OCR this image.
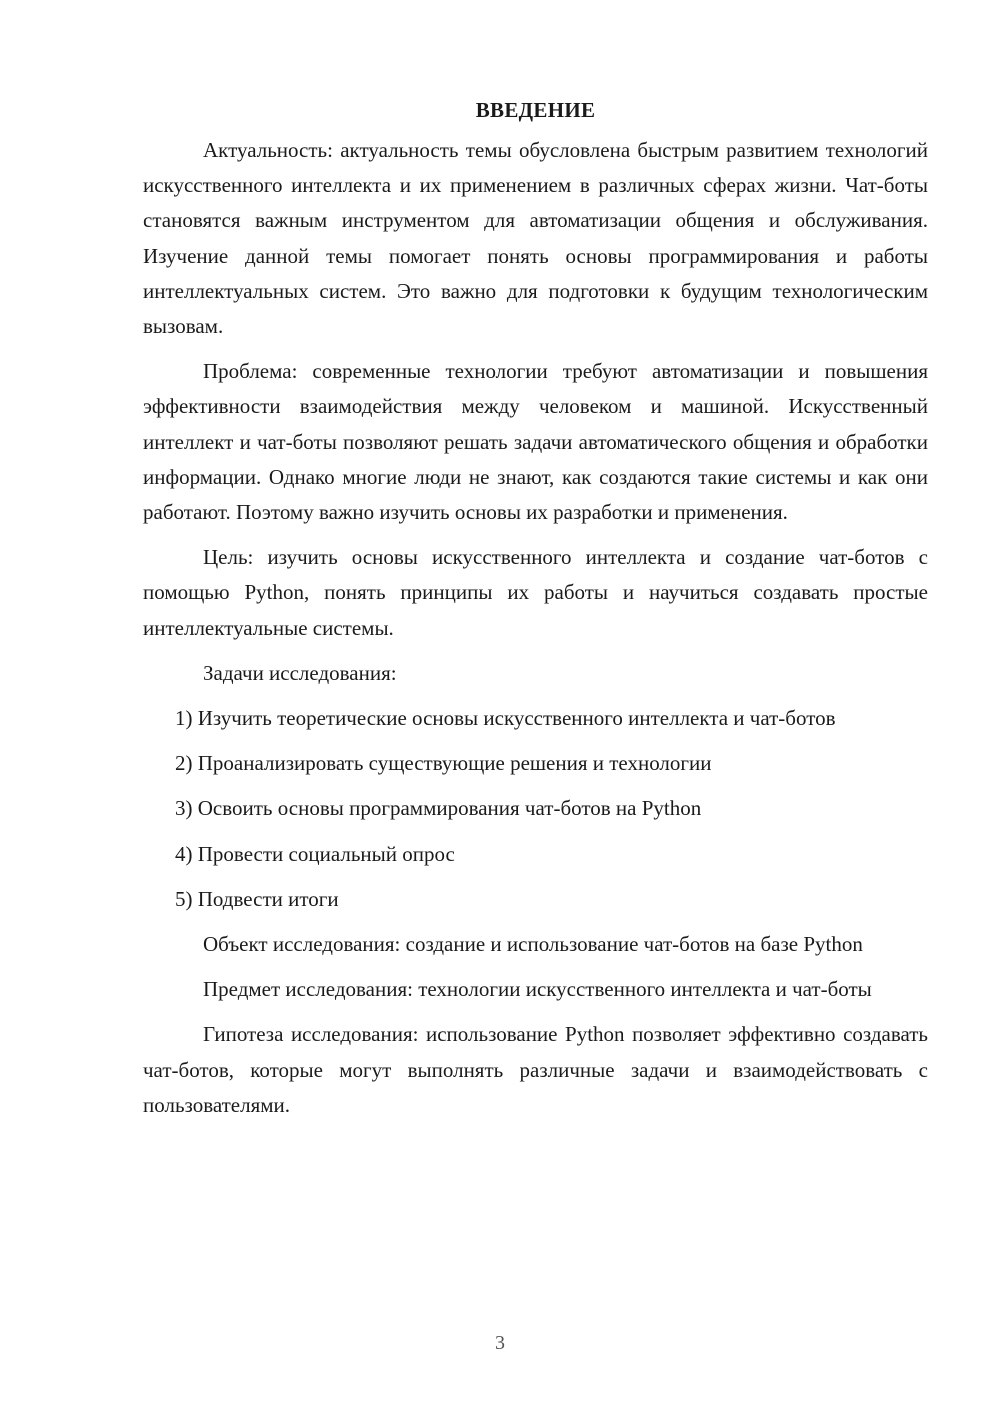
ВВЕДЕНИЕ

Актуальность: актуальность темы обусловлена быстрым развитием технологий искусственного интеллекта и их применением в различных сферах жизни. Чат-боты становятся важным инструментом для автоматизации общения и обслуживания. Изучение данной темы помогает понять основы программирования и работы интеллектуальных систем. Это важно для подготовки к будущим технологическим вызовам.

Проблема: современные технологии требуют автоматизации и повышения эффективности взаимодействия между человеком и машиной. Искусственный интеллект и чат-боты позволяют решать задачи автоматического общения и обработки информации. Однако многие люди не знают, как создаются такие системы и как они работают. Поэтому важно изучить основы их разработки и применения.

Цель: изучить основы искусственного интеллекта и создание чат-ботов с помощью Python, понять принципы их работы и научиться создавать простые интеллектуальные системы.

Задачи исследования:

1) Изучить теоретические основы искусственного интеллекта и чат-ботов

2) Проанализировать существующие решения и технологии

3) Освоить основы программирования чат-ботов на Python

4) Провести социальный опрос

5) Подвести итоги

Объект исследования: создание и использование чат-ботов на базе Python

Предмет исследования: технологии искусственного интеллекта и чат-боты

Гипотеза исследования: использование Python позволяет эффективно создавать чат-ботов, которые могут выполнять различные задачи и взаимодействовать с пользователями.

3
